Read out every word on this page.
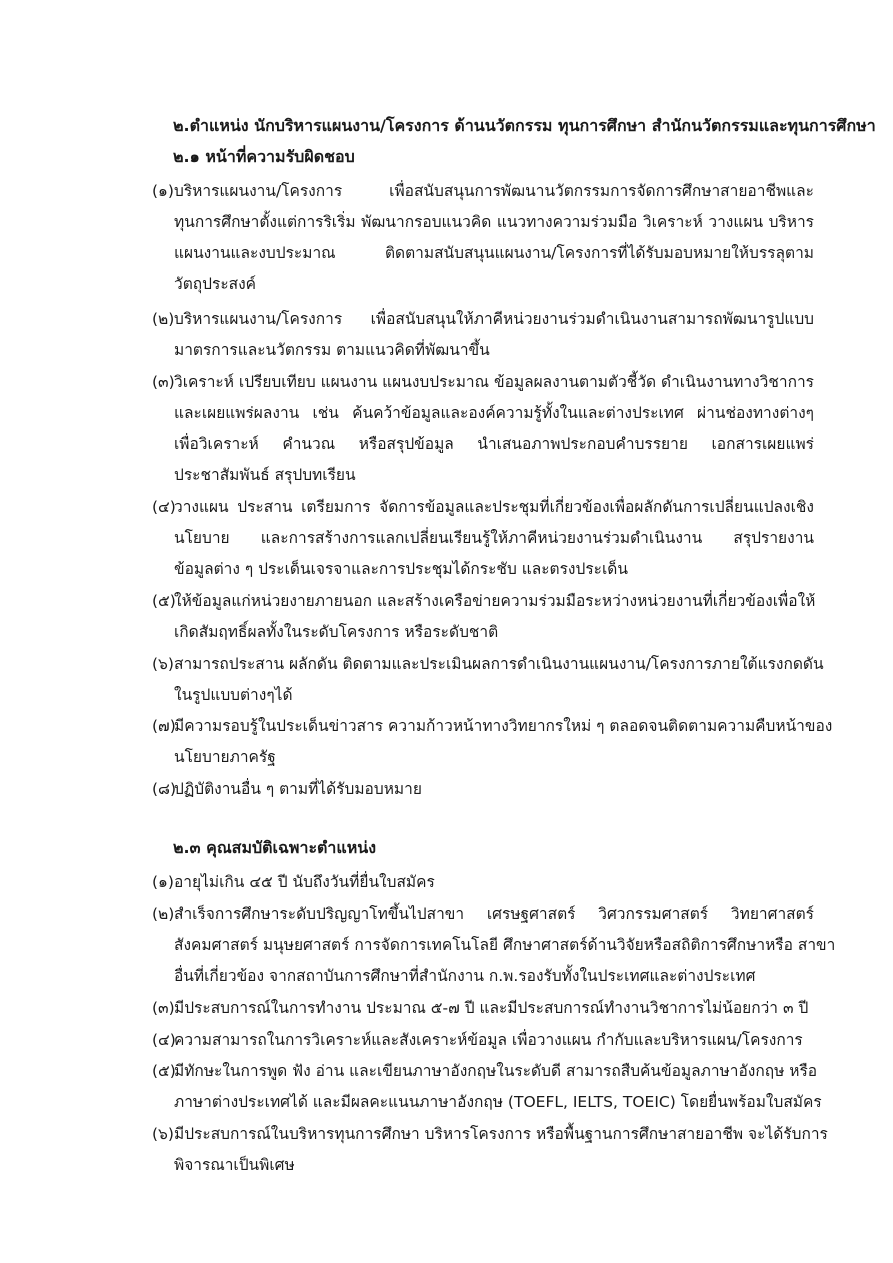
๒.ตำแหน่ง นักบริหารแผนงาน/โครงการ ด้านนวัตกรรม ทุนการศึกษา สำนักนวัตกรรมและทุนการศึกษา
๒.๑ หน้าที่ความรับผิดชอบ
(๑) บริหารแผนงาน/โครงการ เพื่อสนับสนุนการพัฒนานวัตกรรมการจัดการศึกษาสายอาชีพและ
ทุนการศึกษาตั้งแต่การริเริ่ม พัฒนากรอบแนวคิด แนวทางความร่วมมือ วิเคราะห์ วางแผน บริหาร
แผนงานและงบประมาณ ติดตามสนับสนุนแผนงาน/โครงการที่ได้รับมอบหมายให้บรรลุตาม
วัตถุประสงค์
(๒) บริหารแผนงาน/โครงการ เพื่อสนับสนุนให้ภาคีหน่วยงานร่วมดำเนินงานสามารถพัฒนารูปแบบ
มาตรการและนวัตกรรม ตามแนวคิดที่พัฒนาขึ้น
(๓) วิเคราะห์ เปรียบเทียบ แผนงาน แผนงบประมาณ ข้อมูลผลงานตามตัวชี้วัด ดำเนินงานทางวิชาการ
และเผยแพร่ผลงาน เช่น ค้นคว้าข้อมูลและองค์ความรู้ทั้งในและต่างประเทศ ผ่านช่องทางต่างๆ
เพื่อวิเคราะห์ คำนวณ หรือสรุปข้อมูล นำเสนอภาพประกอบคำบรรยาย เอกสารเผยแพร่
ประชาสัมพันธ์ สรุปบทเรียน
(๔)
วางแผน ประสาน เตรียมการ จัดการข้อมูลและประชุมที่เกี่ยวข้องเพื่อผลักดันการเปลี่ยนแปลงเชิง
นโยบาย และการสร้างการแลกเปลี่ยนเรียนรู้ให้ภาคีหน่วยงานร่วมดำเนินงาน สรุปรายงาน
ข้อมูลต่าง ๆ ประเด็นเจรจาและการประชุมได้กระชับ และตรงประเด็น
(๕)
ให้ข้อมูลแก่หน่วยงายภายนอก และสร้างเครือข่ายความร่วมมือระหว่างหน่วยงานที่เกี่ยวข้องเพื่อให้
เกิดสัมฤทธิ์ผลทั้งในระดับโครงการ หรือระดับชาติ
(๖) สามารถประสาน ผลักดัน ติดตามและประเมินผลการดำเนินงานแผนงาน/โครงการภายใต้แรงกดดัน
ในรูปแบบต่างๆได้
(๗)
มีความรอบรู้ในประเด็นข่าวสาร ความก้าวหน้าทางวิทยากรใหม่ ๆ ตลอดจนติดตามความคืบหน้าของ
นโยบายภาครัฐ
(๘)
ปฏิบัติงานอื่น ๆ ตามที่ได้รับมอบหมาย
๒.๓ คุณสมบัติเฉพาะตำแหน่ง
(๑) อายุไม่เกิน ๔๕ ปี นับถึงวันที่ยื่นใบสมัคร
(๒) สำเร็จการศึกษาระดับปริญญาโทขึ้นไปสาขา เศรษฐศาสตร์ วิศวกรรมศาสตร์ วิทยาศาสตร์
สังคมศาสตร์ มนุษยศาสตร์ การจัดการเทคโนโลยี ศึกษาศาสตร์ด้านวิจัยหรือสถิติการศึกษาหรือ สาขา
อื่นที่เกี่ยวข้อง จากสถาบันการศึกษาที่สำนักงาน ก.พ.รองรับทั้งในประเทศและต่างประเทศ
(๓) มีประสบการณ์ในการทำงาน ประมาณ ๕-๗ ปี และมีประสบการณ์ทำงานวิชาการไม่น้อยกว่า ๓ ปี
(๔)
ความสามารถในการวิเคราะห์และสังเคราะห์ข้อมูล เพื่อวางแผน กำกับและบริหารแผน/โครงการ
(๕)
มีทักษะในการพูด ฟัง อ่าน และเขียนภาษาอังกฤษในระดับดี สามารถสืบค้นข้อมูลภาษาอังกฤษ หรือ
ภาษาต่างประเทศได้ และมีผลคะแนนภาษาอังกฤษ (TOEFL, IELTS, TOEIC) โดยยื่นพร้อมใบสมัคร
(๖) มีประสบการณ์ในบริหารทุนการศึกษา บริหารโครงการ หรือพื้นฐานการศึกษาสายอาชีพ จะได้รับการ
พิจารณาเป็นพิเศษ
